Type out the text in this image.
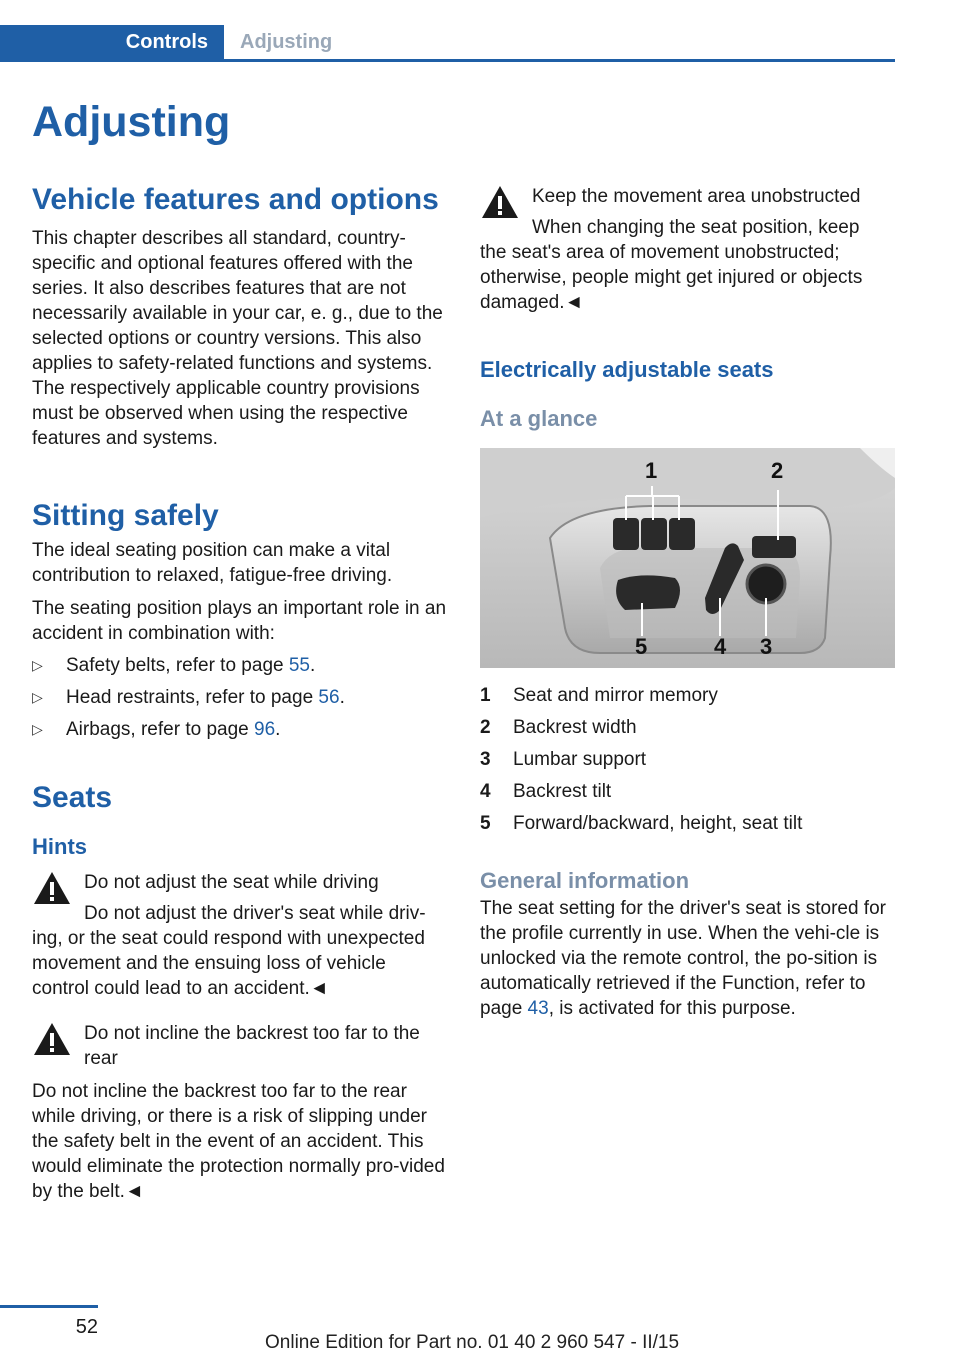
Controls	Adjusting
Adjusting
Vehicle features and options

This chapter describes all standard, country-specific and optional features offered with the series. It also describes features that are not necessarily available in your car, e. g., due to the selected options or country versions. This also applies to safety-related functions and systems. The respectively applicable country provisions must be observed when using the respective features and systems.

Sitting safely

The ideal seating position can make a vital contribution to relaxed, fatigue-free driving.

The seating position plays an important role in an accident in combination with:

▷ Safety belts, refer to page 55.
▷ Head restraints, refer to page 56.
▷ Airbags, refer to page 96.
Seats
Hints
Do not adjust the seat while driving
Do not adjust the driver's seat while driv-

ing, or the seat could respond with unexpected movement and the ensuing loss of vehicle control could lead to an accident.◄

Do not incline the backrest too far to the rear

Do not incline the backrest too far to the rear while driving, or there is a risk of slipping under the safety belt in the event of an accident. This would eliminate the protection normally pro-vided by the belt.◄

Keep the movement area unobstructed
When changing the seat position, keep

the seat's area of movement unobstructed; otherwise, people might get injured or objects damaged.◄

Electrically adjustable seats
At a glance
1	2
3
4
5
1	Seat and mirror memory
2	Backrest width
3	Lumbar support
4	Backrest tilt
5	Forward/backward, height, seat tilt
General information

The seat setting for the driver's seat is stored for the profile currently in use. When the vehi-cle is unlocked via the remote control, the po-sition is automatically retrieved if the Function, refer to page 43, is activated for this purpose.

52
Online Edition for Part no. 01 40 2 960 547 - II/15
